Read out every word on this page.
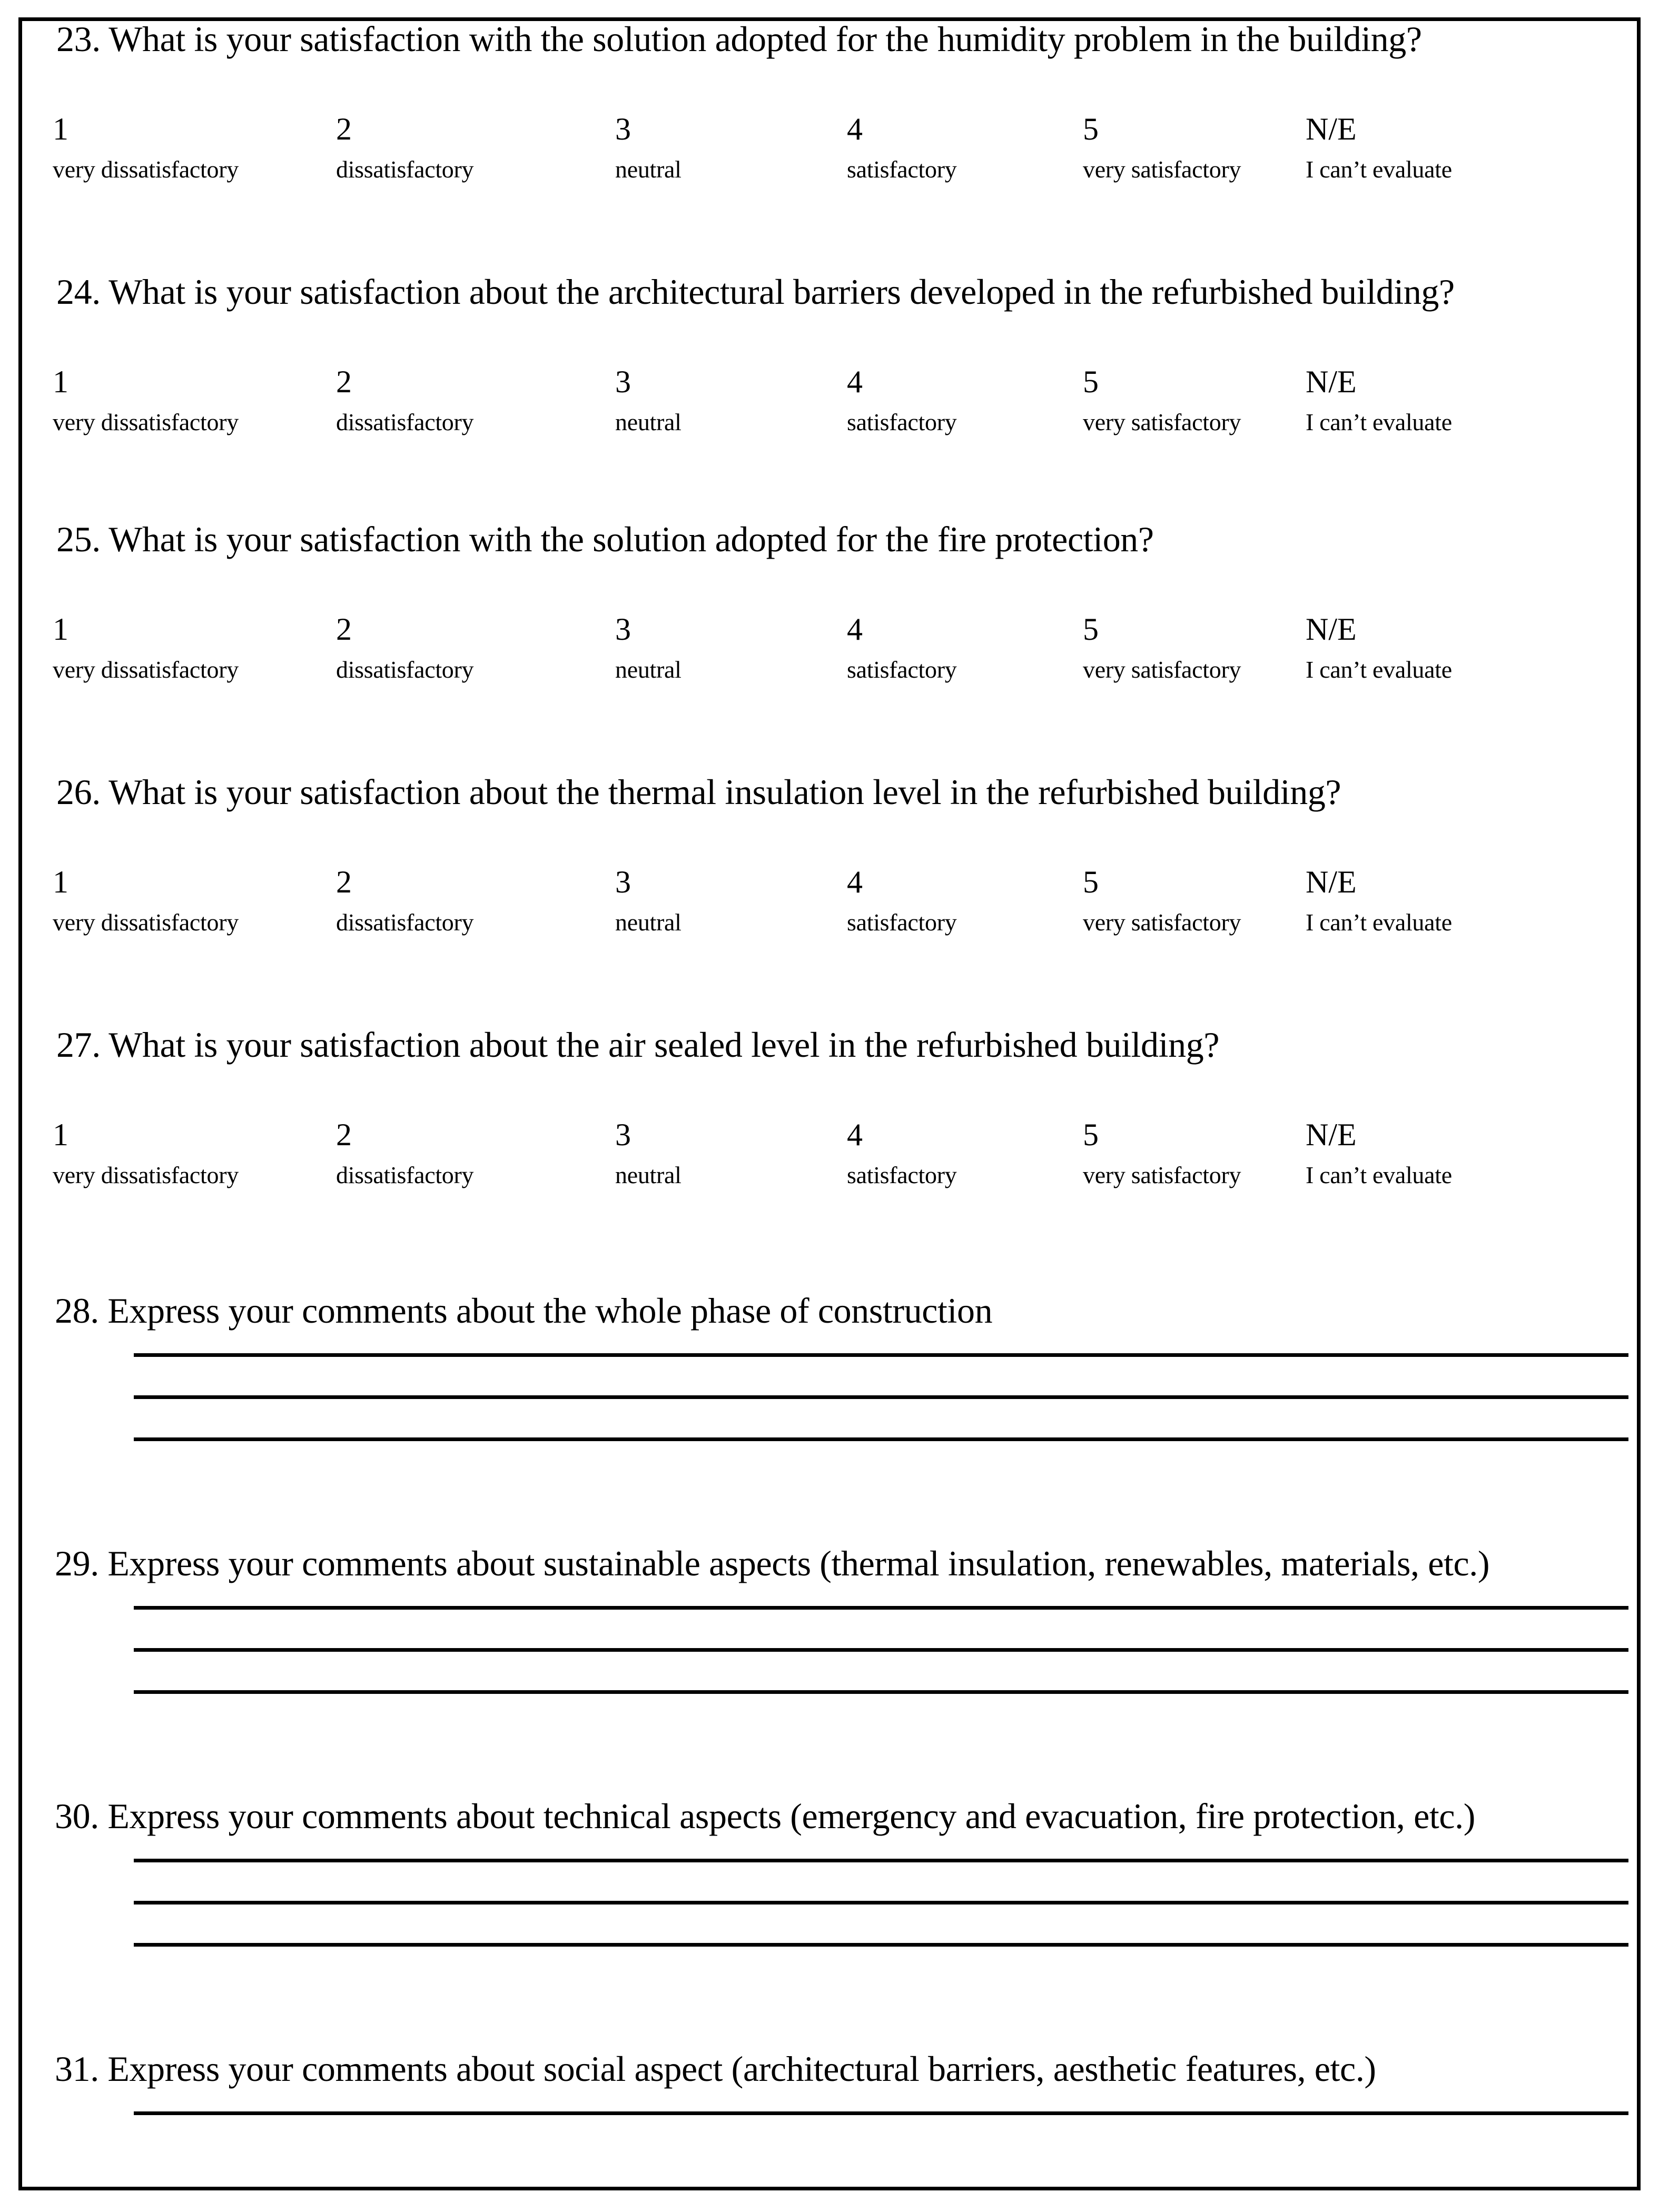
23. What is your satisfaction with the solution adopted for the humidity problem in the building?
1
very dissatisfactory
2
dissatisfactory
3
neutral
4
satisfactory
5
very satisfactory
N/E
I can’t evaluate
24. What is your satisfaction about the architectural barriers developed in the refurbished building?
1
very dissatisfactory
2
dissatisfactory
3
neutral
4
satisfactory
5
very satisfactory
N/E
I can’t evaluate
25. What is your satisfaction with the solution adopted for the fire protection?
1
very dissatisfactory
2
dissatisfactory
3
neutral
4
satisfactory
5
very satisfactory
N/E
I can’t evaluate
26. What is your satisfaction about the thermal insulation level in the refurbished building?
1
very dissatisfactory
2
dissatisfactory
3
neutral
4
satisfactory
5
very satisfactory
N/E
I can’t evaluate
27. What is your satisfaction about the air sealed level in the refurbished building?
1
very dissatisfactory
2
dissatisfactory
3
neutral
4
satisfactory
5
very satisfactory
N/E
I can’t evaluate
28. Express your comments about the whole phase of construction
29. Express your comments about sustainable aspects (thermal insulation, renewables, materials, etc.)
30. Express your comments about technical aspects (emergency and evacuation, fire protection, etc.)
31. Express your comments about social aspect (architectural barriers, aesthetic features, etc.)
